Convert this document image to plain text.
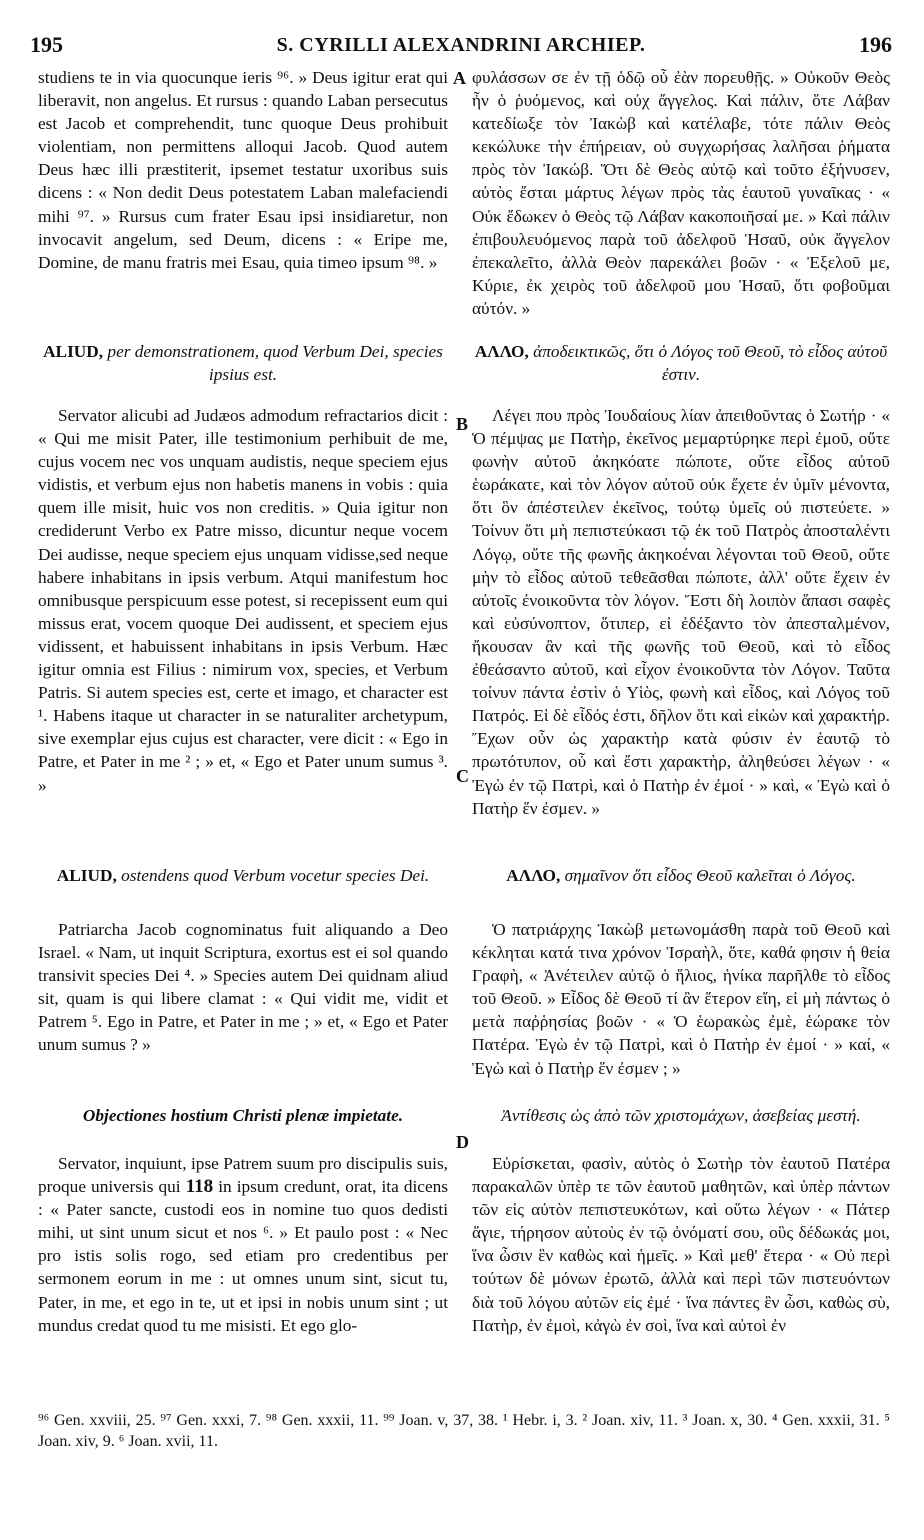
195	S. CYRILLI ALEXANDRINI ARCHIEP.	196
A
B
C
D

studiens te in via quocunque ieris ⁹⁶. » Deus igitur erat qui liberavit, non angelus. Et rursus : quando Laban persecutus est Jacob et comprehendit, tunc quoque Deus prohibuit violentiam, non permittens alloqui Jacob. Quod autem Deus hæc illi præstiterit, ipsemet testatur uxoribus suis dicens : « Non dedit Deus potestatem Laban malefaciendi mihi ⁹⁷. » Rursus cum frater Esau ipsi insidiaretur, non invocavit angelum, sed Deum, dicens : « Eripe me, Domine, de manu fratris mei Esau, quia timeo ipsum ⁹⁸. »

ALIUD, per demonstrationem, quod Verbum Dei, species ipsius est.

Servator alicubi ad Judæos admodum refractarios dicit : « Qui me misit Pater, ille testimonium perhibuit de me, cujus vocem nec vos unquam audistis, neque speciem ejus vidistis, et verbum ejus non habetis manens in vobis : quia quem ille misit, huic vos non creditis. » Quia igitur non crediderunt Verbo ex Patre misso, dicuntur neque vocem Dei audisse, neque speciem ejus unquam vidisse,sed neque habere inhabitans in ipsis verbum. Atqui manifestum hoc omnibusque perspicuum esse potest, si recepissent eum qui missus erat, vocem quoque Dei audissent, et speciem ejus vidissent, et habuissent inhabitans in ipsis Verbum. Hæc igitur omnia est Filius : nimirum vox, species, et Verbum Patris. Si autem species est, certe et imago, et character est ¹. Habens itaque ut character in se naturaliter archetypum, sive exemplar ejus cujus est character, vere dicit : « Ego in Patre, et Pater in me ² ; » et, « Ego et Pater unum sumus ³. »

ALIUD, ostendens quod Verbum vocetur species Dei.

Patriarcha Jacob cognominatus fuit aliquando a Deo Israel. « Nam, ut inquit Scriptura, exortus est ei sol quando transivit species Dei ⁴. » Species autem Dei quidnam aliud sit, quam is qui libere clamat : « Qui vidit me, vidit et Patrem ⁵. Ego in Patre, et Pater in me ; » et, « Ego et Pater unum sumus ? »

Objectiones hostium Christi plenæ impietate.

Servator, inquiunt, ipse Patrem suum pro discipulis suis, proque universis qui 118 in ipsum credunt, orat, ita dicens : « Pater sancte, custodi eos in nomine tuo quos dedisti mihi, ut sint unum sicut et nos ⁶. » Et paulo post : « Nec pro istis solis rogo, sed etiam pro credentibus per sermonem eorum in me : ut omnes unum sint, sicut tu, Pater, in me, et ego in te, ut et ipsi in nobis unum sint ; ut mundus credat quod tu me misisti. Et ego glo-

φυλάσσων σε ἐν τῇ ὁδῷ οὗ ἐὰν πορευθῇς. » Οὐκοῦν Θεὸς ἦν ὁ ῥυόμενος, καὶ οὐχ ἄγγελος. Καὶ πάλιν, ὅτε Λάβαν κατεδίωξε τὸν Ἰακὼβ καὶ κατέλαβε, τότε πάλιν Θεὸς κεκώλυκε τὴν ἐπήρειαν, οὐ συγχωρήσας λαλῆσαι ῥήματα πρὸς τὸν Ἰακώβ. Ὅτι δὲ Θεὸς αὐτῷ καὶ τοῦτο ἐξήνυσεν, αὐτὸς ἔσται μάρτυς λέγων πρὸς τὰς ἑαυτοῦ γυναῖκας · « Οὐκ ἔδωκεν ὁ Θεὸς τῷ Λάβαν κακοποιῆσαί με. » Καὶ πάλιν ἐπιβουλευόμενος παρὰ τοῦ ἀδελφοῦ Ἡσαῦ, οὐκ ἄγγελον ἐπεκαλεῖτο, ἀλλὰ Θεὸν παρεκάλει βοῶν · « Ἐξελοῦ με, Κύριε, ἐκ χειρὸς τοῦ ἀδελφοῦ μου Ἡσαῦ, ὅτι φοβοῦμαι αὐτόν. »

ΑΛΛΟ, ἀποδεικτικῶς, ὅτι ὁ Λόγος τοῦ Θεοῦ, τὸ εἶδος αὐτοῦ ἐστιν.

Λέγει που πρὸς Ἰουδαίους λίαν ἀπειθοῦντας ὁ Σωτήρ · « Ὁ πέμψας με Πατὴρ, ἐκεῖνος μεμαρτύρηκε περὶ ἐμοῦ, οὔτε φωνὴν αὐτοῦ ἀκηκόατε πώποτε, οὔτε εἶδος αὐτοῦ ἑωράκατε, καὶ τὸν λόγον αὐτοῦ οὐκ ἔχετε ἐν ὑμῖν μένοντα, ὅτι ὃν ἀπέστειλεν ἐκεῖνος, τούτῳ ὑμεῖς οὐ πιστεύετε. » Τοίνυν ὅτι μὴ πεπιστεύκασι τῷ ἐκ τοῦ Πατρὸς ἀποσταλέντι Λόγῳ, οὔτε τῆς φωνῆς ἀκηκοέναι λέγονται τοῦ Θεοῦ, οὔτε μὴν τὸ εἶδος αὐτοῦ τεθεᾶσθαι πώποτε, ἀλλ' οὔτε ἔχειν ἐν αὐτοῖς ἐνοικοῦντα τὸν λόγον. Ἔστι δὴ λοιπὸν ἅπασι σαφὲς καὶ εὐσύνοπτον, ὅτιπερ, εἰ ἐδέξαντο τὸν ἀπεσταλμένον, ἤκουσαν ἂν καὶ τῆς φωνῆς τοῦ Θεοῦ, καὶ τὸ εἶδος ἐθεάσαντο αὐτοῦ, καὶ εἶχον ἐνοικοῦντα τὸν Λόγον. Ταῦτα τοίνυν πάντα ἐστὶν ὁ Υἱὸς, φωνὴ καὶ εἶδος, καὶ Λόγος τοῦ Πατρός. Εἰ δὲ εἶδός ἐστι, δῆλον ὅτι καὶ εἰκὼν καὶ χαρακτήρ. Ἔχων οὖν ὡς χαρακτὴρ κατὰ φύσιν ἐν ἑαυτῷ τὸ πρωτότυπον, οὗ καὶ ἔστι χαρακτὴρ, ἀληθεύσει λέγων · « Ἐγὼ ἐν τῷ Πατρὶ, καὶ ὁ Πατὴρ ἐν ἐμοί · » καὶ, « Ἐγὼ καὶ ὁ Πατὴρ ἕν ἐσμεν. »

ΑΛΛΟ, σημαῖνον ὅτι εἶδος Θεοῦ καλεῖται ὁ Λόγος.

Ὁ πατριάρχης Ἰακὼβ μετωνομάσθη παρὰ τοῦ Θεοῦ καὶ κέκληται κατά τινα χρόνον Ἰσραὴλ, ὅτε, καθά φησιν ἡ θεία Γραφὴ, « Ἀνέτειλεν αὐτῷ ὁ ἥλιος, ἡνίκα παρῆλθε τὸ εἶδος τοῦ Θεοῦ. » Εἶδος δὲ Θεοῦ τί ἂν ἕτερον εἴη, εἰ μὴ πάντως ὁ μετὰ παῤῥησίας βοῶν · « Ὁ ἑωρακὼς ἐμὲ, ἑώρακε τὸν Πατέρα. Ἐγὼ ἐν τῷ Πατρὶ, καὶ ὁ Πατὴρ ἐν ἐμοί · » καί, « Ἐγὼ καὶ ὁ Πατὴρ ἕν ἐσμεν ; »

Ἀντίθεσις ὡς ἀπὸ τῶν χριστομάχων, ἀσεβείας μεστή.

Εὑρίσκεται, φασὶν, αὐτὸς ὁ Σωτὴρ τὸν ἑαυτοῦ Πατέρα παρακαλῶν ὑπὲρ τε τῶν ἑαυτοῦ μαθητῶν, καὶ ὑπὲρ πάντων τῶν εἰς αὐτὸν πεπιστευκότων, καὶ οὕτω λέγων · « Πάτερ ἅγιε, τήρησον αὐτοὺς ἐν τῷ ὀνόματί σου, οὓς δέδωκάς μοι, ἵνα ὦσιν ἓν καθὼς καὶ ἡμεῖς. » Καὶ μεθ' ἕτερα · « Οὐ περὶ τούτων δὲ μόνων ἐρωτῶ, ἀλλὰ καὶ περὶ τῶν πιστευόντων διὰ τοῦ λόγου αὐτῶν εἰς ἐμέ · ἵνα πάντες ἓν ὦσι, καθὼς σὺ, Πατὴρ, ἐν ἐμοὶ, κἀγὼ ἐν σοὶ, ἵνα καὶ αὐτοὶ ἐν

⁹⁶ Gen. xxviii, 25. ⁹⁷ Gen. xxxi, 7. ⁹⁸ Gen. xxxii, 11. ⁹⁹ Joan. v, 37, 38. ¹ Hebr. i, 3. ² Joan. xiv, 11. ³ Joan. x, 30. ⁴ Gen. xxxii, 31. ⁵ Joan. xiv, 9. ⁶ Joan. xvii, 11.
